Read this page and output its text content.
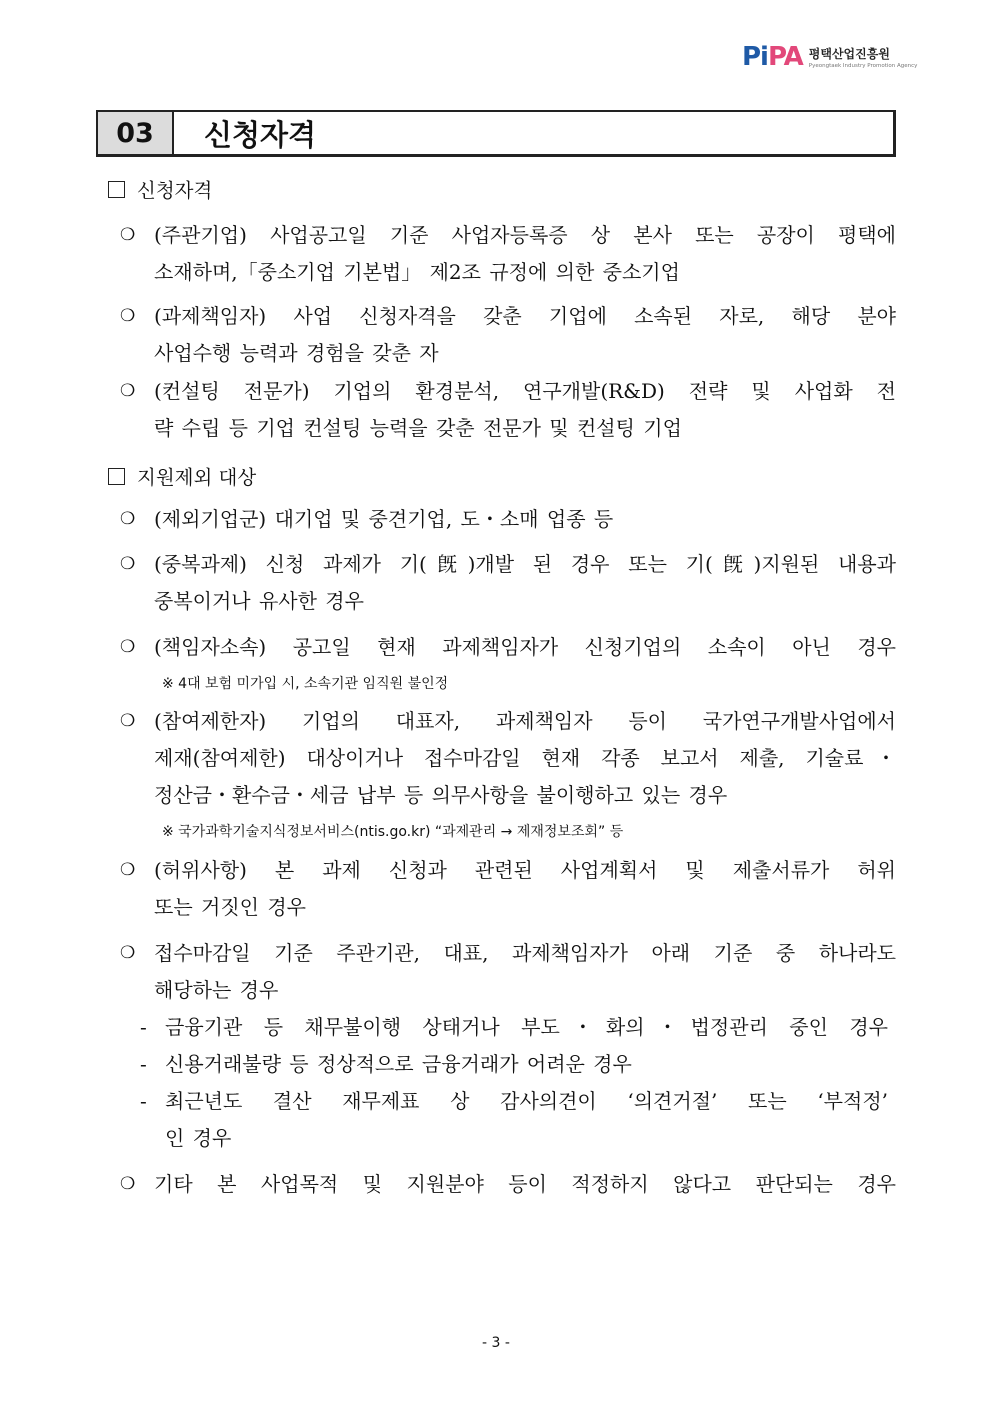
PiPA 평택산업진흥원
Pyeongtaek Industry Promotion Agency
03	신청자격
신청자격
❍ (주관기업) 사업공고일 기준 사업자등록증 상 본사 또는 공장이 평택에
소재하며,「중소기업 기본법」 제2조 규정에 의한 중소기업
❍ (과제책임자) 사업 신청자격을 갖춘 기업에 소속된 자로, 해당 분야
사업수행 능력과 경험을 갖춘 자
❍ (컨설팅 전문가) 기업의 환경분석, 연구개발(R&D) 전략 및 사업화 전
략 수립 등 기업 컨설팅 능력을 갖춘 전문가 및 컨설팅 기업
지원제외 대상
❍ (제외기업군) 대기업 및 중견기업, 도・소매 업종 등
❍ (중복과제) 신청 과제가 기(旣)개발 된 경우 또는 기(旣)지원된 내용과
중복이거나 유사한 경우
❍ (책임자소속) 공고일 현재 과제책임자가 신청기업의 소속이 아닌 경우
※ 4대 보험 미가입 시, 소속기관 임직원 불인정
❍ (참여제한자) 기업의 대표자, 과제책임자 등이 국가연구개발사업에서
제재(참여제한) 대상이거나 접수마감일 현재 각종 보고서 제출, 기술료・
정산금・환수금・세금 납부 등 의무사항을 불이행하고 있는 경우
※ 국가과학기술지식정보서비스(ntis.go.kr) “과제관리 → 제재정보조회” 등
❍ (허위사항) 본 과제 신청과 관련된 사업계획서 및 제출서류가 허위
또는 거짓인 경우
❍ 접수마감일 기준 주관기관, 대표, 과제책임자가 아래 기준 중 하나라도
해당하는 경우
- 금융기관 등 채무불이행 상태거나 부도・화의・법정관리 중인 경우
- 신용거래불량 등 정상적으로 금융거래가 어려운 경우
- 최근년도 결산 재무제표 상 감사의견이 ‘의견거절’ 또는 ‘부적정’
인 경우
❍ 기타 본 사업목적 및 지원분야 등이 적정하지 않다고 판단되는 경우
- 3 -
